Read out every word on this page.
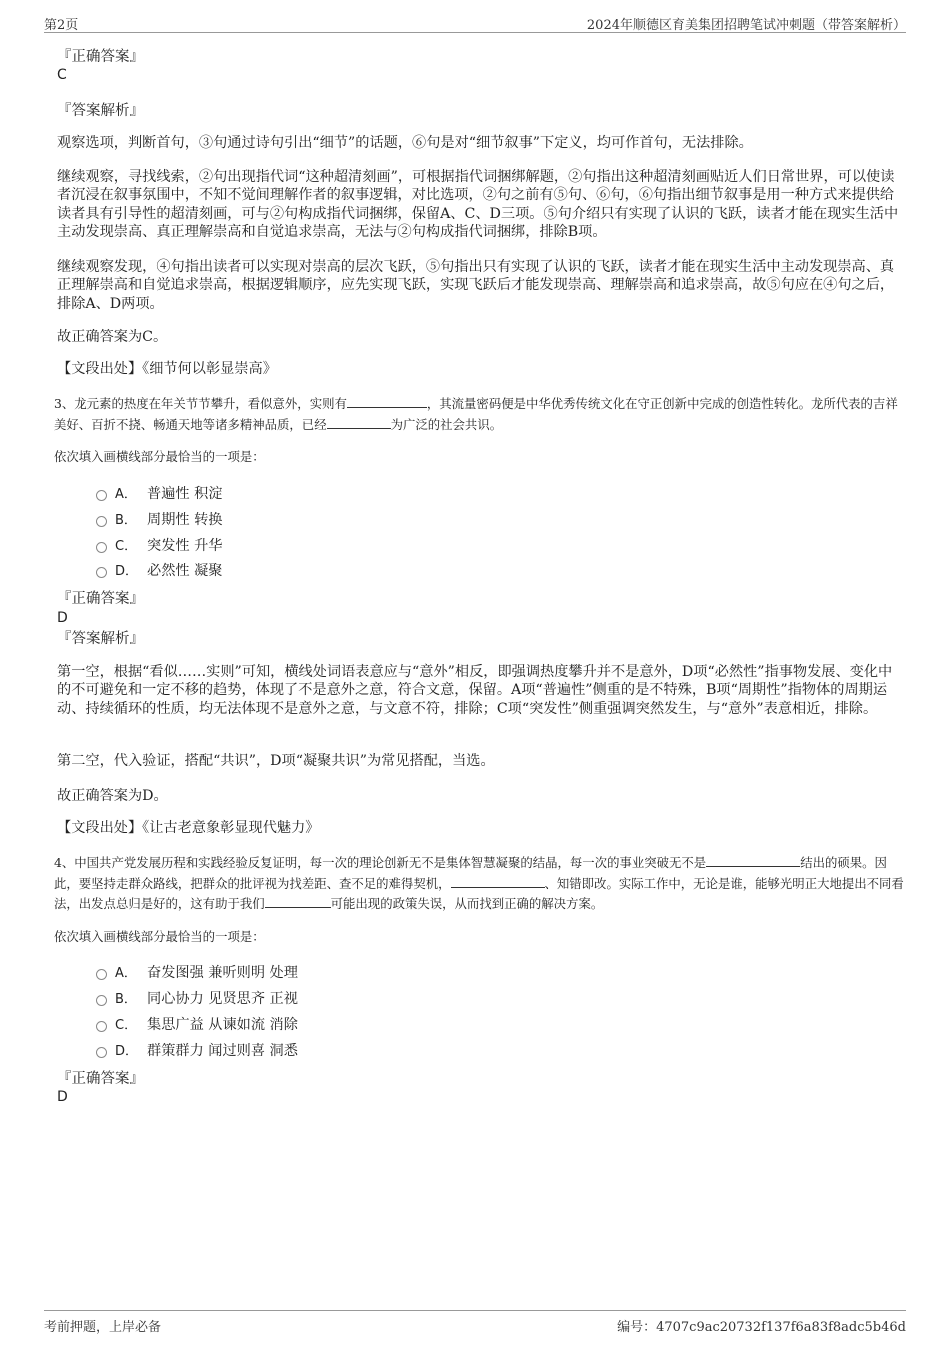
第2页	2024年顺德区育美集团招聘笔试冲刺题（带答案解析）
『正确答案』
C
『答案解析』
观察选项，判断首句，③句通过诗句引出“细节”的话题，⑥句是对“细节叙事”下定义，均可作首句，无法排除。
继续观察，寻找线索，②句出现指代词“这种超清刻画”，可根据指代词捆绑解题，②句指出这种超清刻画贴近人们日常世界，可以使读者沉浸在叙事氛围中，不知不觉间理解作者的叙事逻辑，对比选项，②句之前有⑤句、⑥句，⑥句指出细节叙事是用一种方式来提供给读者具有引导性的超清刻画，可与②句构成指代词捆绑，保留A、C、D三项。⑤句介绍只有实现了认识的飞跃，读者才能在现实生活中主动发现崇高、真正理解崇高和自觉追求崇高，无法与②句构成指代词捆绑，排除B项。
继续观察发现，④句指出读者可以实现对崇高的层次飞跃，⑤句指出只有实现了认识的飞跃，读者才能在现实生活中主动发现崇高、真正理解崇高和自觉追求崇高，根据逻辑顺序，应先实现飞跃，实现飞跃后才能发现崇高、理解崇高和追求崇高，故⑤句应在④句之后，排除A、D两项。
故正确答案为C。
【文段出处】《细节何以彰显崇高》
3、龙元素的热度在年关节节攀升，看似意外，实则有	，其流量密码便是中华优秀传统文化在守正创新中完成的创造性转化。龙所代表的吉祥美好、百折不挠、畅通天地等诸多精神品质，已经	为广泛的社会共识。
依次填入画横线部分最恰当的一项是：
A． 普遍性 积淀
B． 周期性 转换
C． 突发性 升华
D． 必然性 凝聚
『正确答案』
D
『答案解析』
第一空，根据“看似……实则”可知，横线处词语表意应与“意外”相反，即强调热度攀升并不是意外，D项“必然性”指事物发展、变化中的不可避免和一定不移的趋势，体现了不是意外之意，符合文意，保留。A项“普遍性”侧重的是不特殊，B项“周期性”指物体的周期运动、持续循环的性质，均无法体现不是意外之意，与文意不符，排除；C项“突发性”侧重强调突然发生，与“意外”表意相近，排除。
第二空，代入验证，搭配“共识”，D项“凝聚共识”为常见搭配，当选。
故正确答案为D。
【文段出处】《让古老意象彰显现代魅力》
4、中国共产党发展历程和实践经验反复证明，每一次的理论创新无不是集体智慧凝聚的结晶，每一次的事业突破无不是	结出的硕果。因此，要坚持走群众路线，把群众的批评视为找差距、查不足的难得契机，	、知错即改。实际工作中，无论是谁，能够光明正大地提出不同看法，出发点总归是好的，这有助于我们	可能出现的政策失误，从而找到正确的解决方案。
依次填入画横线部分最恰当的一项是：
A． 奋发图强 兼听则明 处理
B． 同心协力 见贤思齐 正视
C． 集思广益 从谏如流 消除
D． 群策群力 闻过则喜 洞悉
『正确答案』
D
考前押题，上岸必备	编号：4707c9ac20732f137f6a83f8adc5b46d
